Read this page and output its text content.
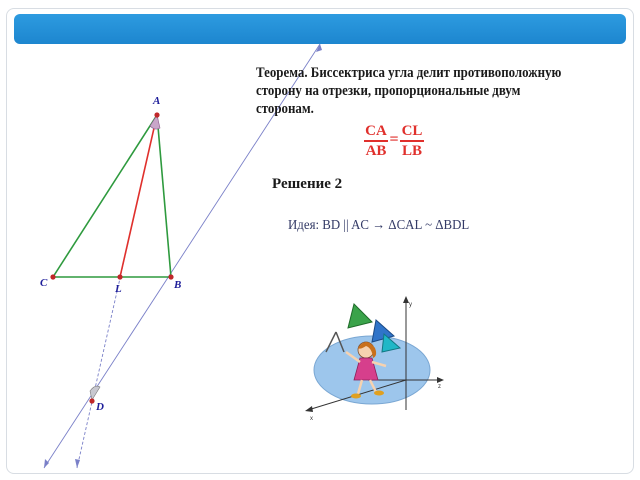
A
C	L	B
D
Теорема. Биссектриса угла делит противоположную сторону на отрезки, пропорциональные двум сторонам.
$\frac{CA}{AB} = \frac{CL}{LB}$
Решение 2
Идея: BD || AC → ΔCAL ~ ΔBDL
y
z
x
